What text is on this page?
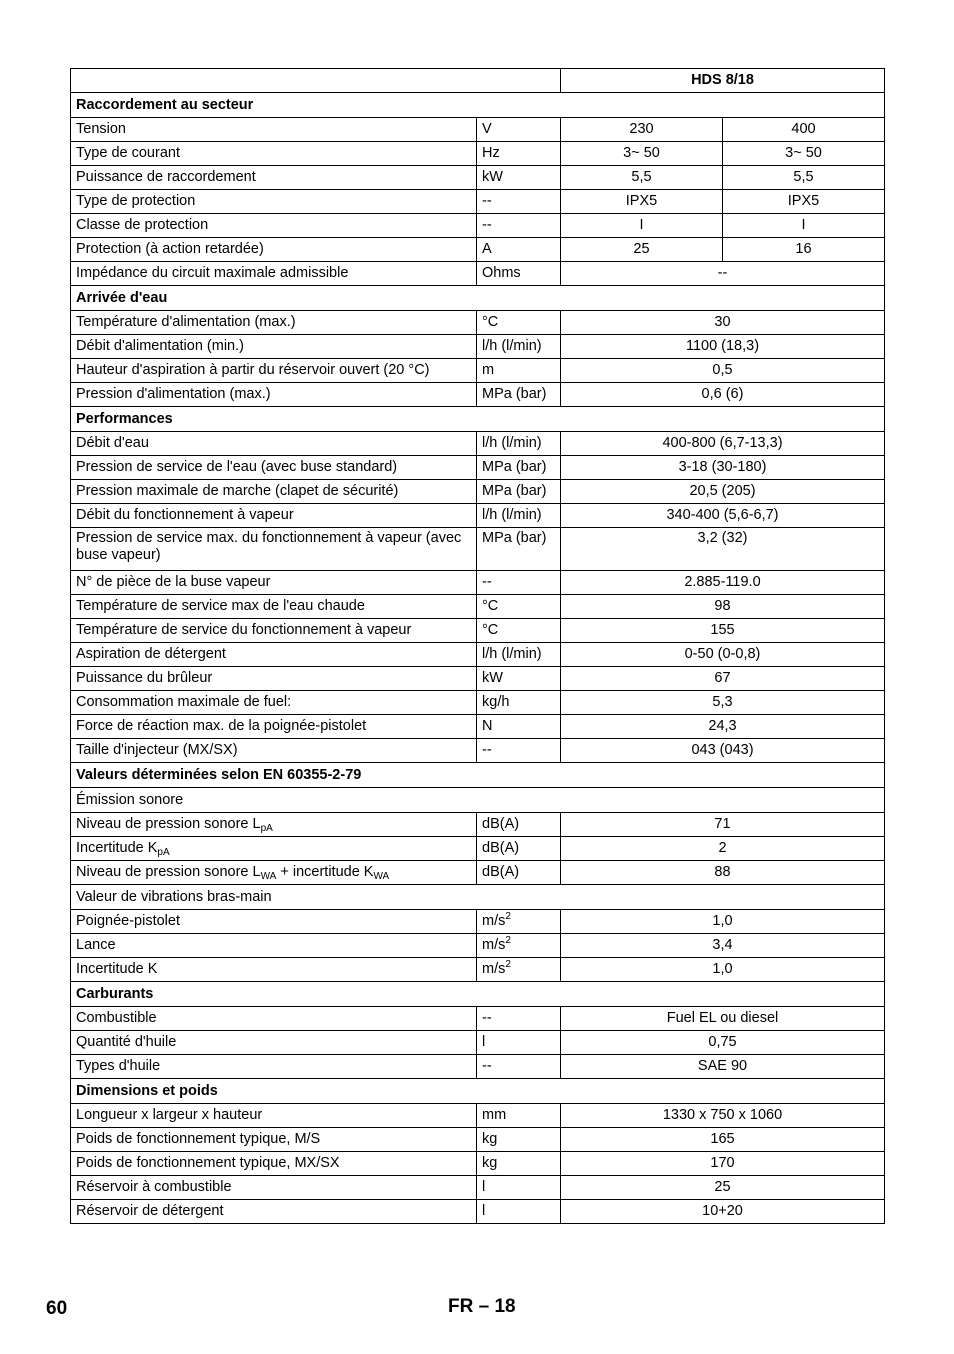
		HDS 8/18	
Raccordement au secteur			
Tension	V	230	400
Type de courant	Hz	3~ 50	3~ 50
Puissance de raccordement	kW	5,5	5,5
Type de protection	--	IPX5	IPX5
Classe de protection	--	I	I
Protection (à action retardée)	A	25	16
Impédance du circuit maximale admissible	Ohms	--	
Arrivée d'eau			
Température d'alimentation (max.)	°C	30	
Débit d'alimentation (min.)	l/h (l/min)	1100 (18,3)	
Hauteur d'aspiration à partir du réservoir ouvert (20 °C)	m	0,5	
Pression d'alimentation (max.)	MPa (bar)	0,6 (6)	
Performances			
Débit d'eau	l/h (l/min)	400-800 (6,7-13,3)	
Pression de service de l'eau (avec buse standard)	MPa (bar)	3-18 (30-180)	
Pression maximale de marche (clapet de sécurité)	MPa (bar)	20,5 (205)	
Débit du fonctionnement à vapeur	l/h (l/min)	340-400 (5,6-6,7)	
Pression de service max. du fonctionnement à vapeur (avec buse vapeur)	MPa (bar)	3,2 (32)	
N° de pièce de la buse vapeur	--	2.885-119.0	
Température de service max de l'eau chaude	°C	98	
Température de service du fonctionnement à vapeur	°C	155	
Aspiration de détergent	l/h (l/min)	0-50 (0-0,8)	
Puissance du brûleur	kW	67	
Consommation maximale de fuel:	kg/h	5,3	
Force de réaction max. de la poignée-pistolet	N	24,3	
Taille d'injecteur (MX/SX)	--	043 (043)	
Valeurs déterminées selon EN 60355-2-79			
Émission sonore			
Niveau de pression sonore $L_{pA}$	dB(A)	71	
Incertitude $K_{pA}$	dB(A)	2	
Niveau de pression sonore $L_{WA}$ + incertitude $K_{WA}$	dB(A)	88	
Valeur de vibrations bras-main			
Poignée-pistolet	$m/s^2$	1,0	
Lance	$m/s^2$	3,4	
Incertitude K	$m/s^2$	1,0	
Carburants			
Combustible	--	Fuel EL ou diesel	
Quantité d'huile	l	0,75	
Types d'huile	--	SAE 90	
Dimensions et poids			
Longueur x largeur x hauteur	mm	1330 x 750 x 1060	
Poids de fonctionnement typique, M/S	kg	165	
Poids de fonctionnement typique, MX/SX	kg	170	
Réservoir à combustible	l	25	
Réservoir de détergent	l	10+20	
60	FR – 18
